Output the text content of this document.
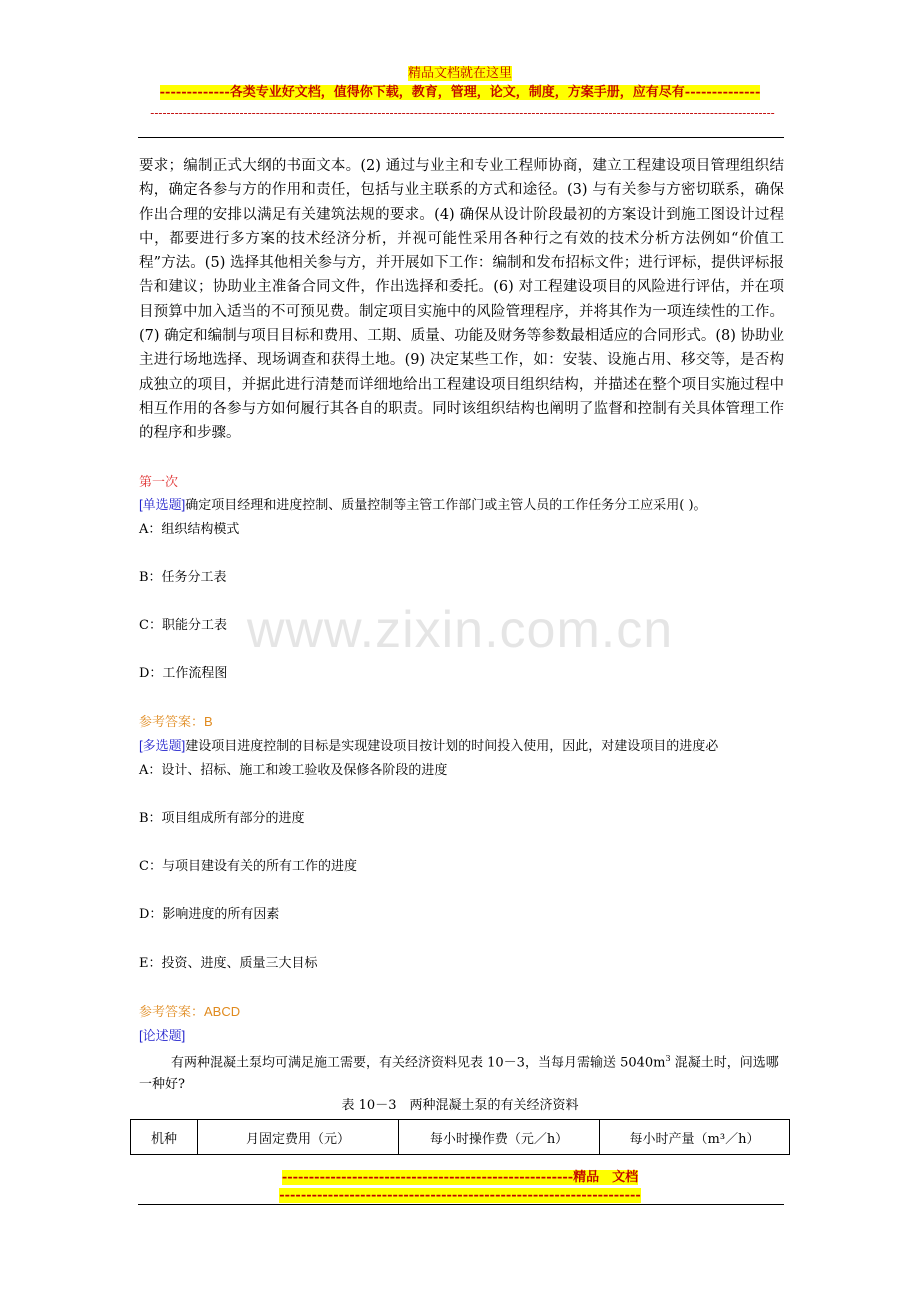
www.zixin.com.cn
精品文档就在这里
-------------各类专业好文档，值得你下载，教育，管理，论文，制度，方案手册，应有尽有--------------
----------------------------------------------------------------------------------------------------------------------------------------------------------
要求；编制正式大纲的书面文本。(2) 通过与业主和专业工程师协商，建立工程建设项目管理组织结构，确定各参与方的作用和责任，包括与业主联系的方式和途径。(3) 与有关参与方密切联系，确保作出合理的安排以满足有关建筑法规的要求。(4) 确保从设计阶段最初的方案设计到施工图设计过程中，都要进行多方案的技术经济分析，并视可能性采用各种行之有效的技术分析方法例如“价值工程”方法。(5) 选择其他相关参与方，并开展如下工作：编制和发布招标文件；进行评标，提供评标报告和建议；协助业主准备合同文件，作出选择和委托。(6) 对工程建设项目的风险进行评估，并在项目预算中加入适当的不可预见费。制定项目实施中的风险管理程序，并将其作为一项连续性的工作。(7) 确定和编制与项目目标和费用、工期、质量、功能及财务等参数最相适应的合同形式。(8) 协助业主进行场地选择、现场调查和获得土地。(9) 决定某些工作，如：安装、设施占用、移交等，是否构成独立的项目，并据此进行清楚而详细地给出工程建设项目组织结构，并描述在整个项目实施过程中相互作用的各参与方如何履行其各自的职责。同时该组织结构也阐明了监督和控制有关具体管理工作的程序和步骤。
第一次
[单选题]确定项目经理和进度控制、质量控制等主管工作部门或主管人员的工作任务分工应采用( )。
A：组织结构模式
B：任务分工表
C：职能分工表
D：工作流程图
参考答案：B
[多选题]建设项目进度控制的目标是实现建设项目按计划的时间投入使用，因此，对建设项目的进度必
A：设计、招标、施工和竣工验收及保修各阶段的进度
B：项目组成所有部分的进度
C：与项目建设有关的所有工作的进度
D：影响进度的所有因素
E：投资、进度、质量三大目标
参考答案：ABCD
[论述题]
有两种混凝土泵均可满足施工需要，有关经济资料见表 10－3，当每月需输送 $5040m^3$ 混凝土时，问选哪一种好?
表 10－3　两种混凝土泵的有关经济资料
机种	月固定费用（元）	每小时操作费（元／h）	每小时产量（m³／h）
------------------------------------------------------精品　文档
-------------------------------------------------------------------
